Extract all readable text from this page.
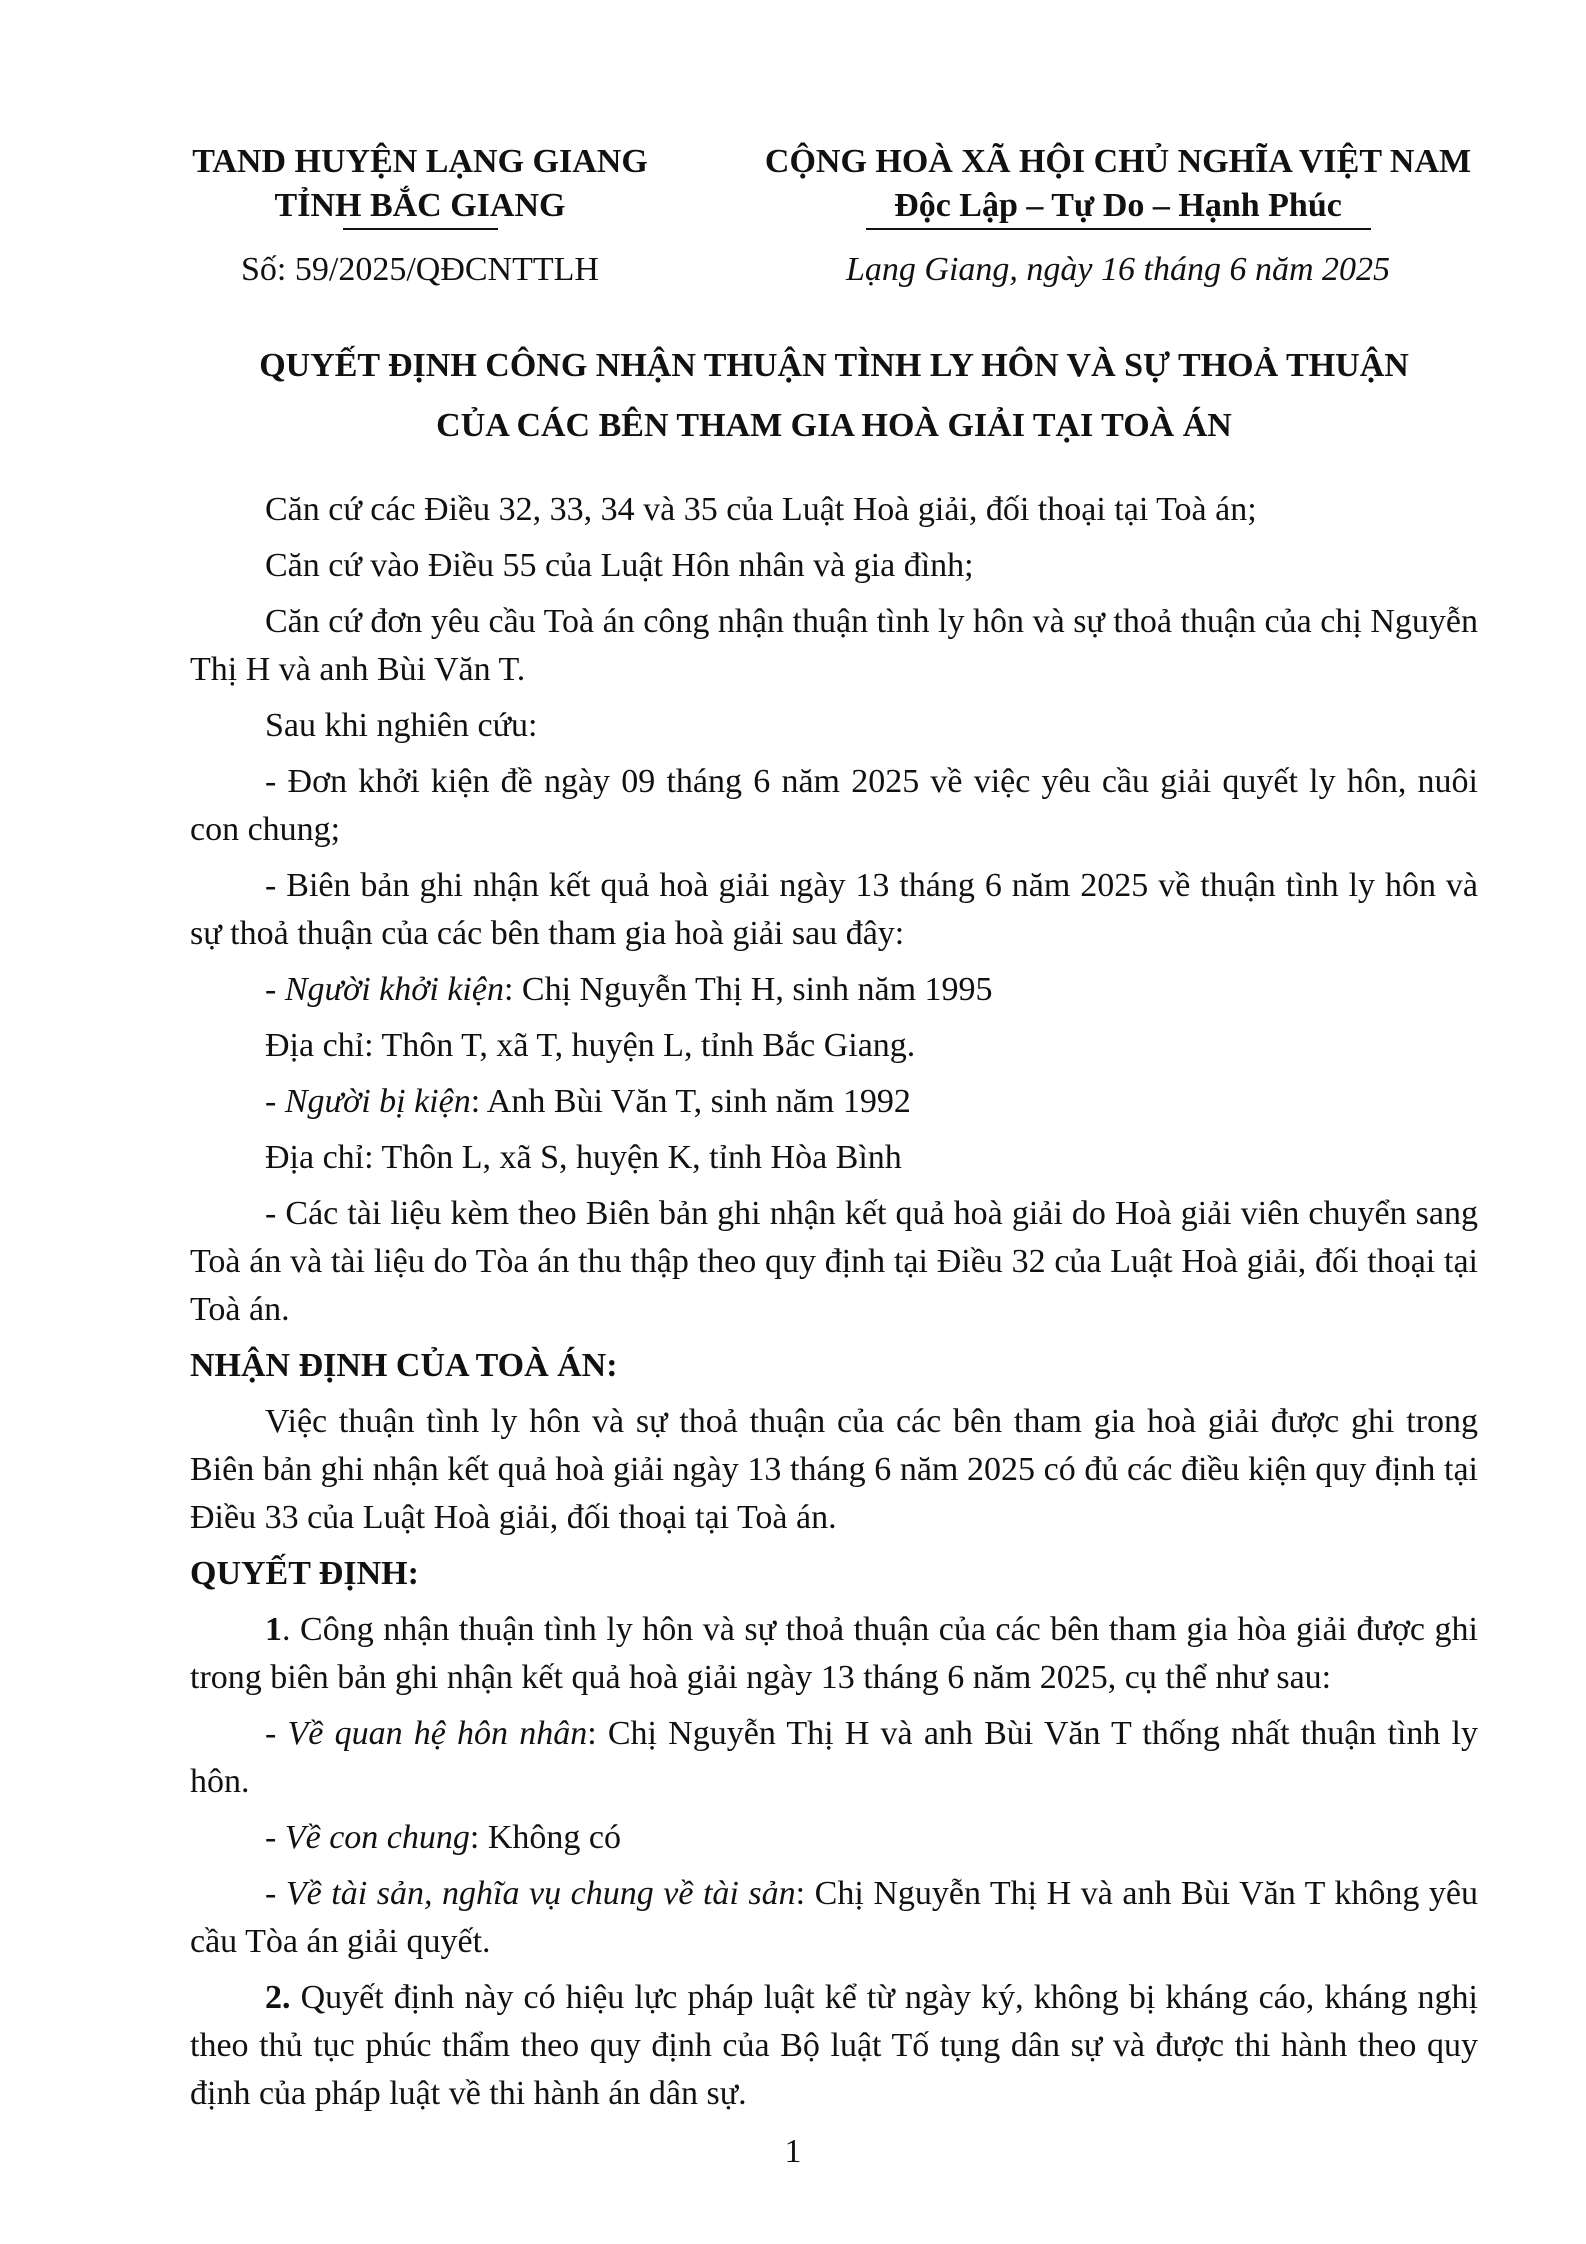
TAND HUYỆN LẠNG GIANG
TỈNH BẮC GIANG
CỘNG HOÀ XÃ HỘI CHỦ NGHĨA VIỆT NAM
Độc Lập – Tự Do – Hạnh Phúc
Số: 59/2025/QĐCNTTLH	Lạng Giang, ngày 16 tháng 6 năm 2025

QUYẾT ĐỊNH CÔNG NHẬN THUẬN TÌNH LY HÔN VÀ SỰ THOẢ THUẬN

CỦA CÁC BÊN THAM GIA HOÀ GIẢI TẠI TOÀ ÁN

Căn cứ các Điều 32, 33, 34 và 35 của Luật Hoà giải, đối thoại tại Toà án;

Căn cứ vào Điều 55 của Luật Hôn nhân và gia đình;

Căn cứ đơn yêu cầu Toà án công nhận thuận tình ly hôn và sự thoả thuận của chị Nguyễn Thị H và anh Bùi Văn T.

Sau khi nghiên cứu:

- Đơn khởi kiện đề ngày 09 tháng 6 năm 2025 về việc yêu cầu giải quyết ly hôn, nuôi con chung;

- Biên bản ghi nhận kết quả hoà giải ngày 13 tháng 6 năm 2025 về thuận tình ly hôn và sự thoả thuận của các bên tham gia hoà giải sau đây:

- Người khởi kiện: Chị Nguyễn Thị H, sinh năm 1995

Địa chỉ: Thôn T, xã T, huyện L, tỉnh Bắc Giang.

- Người bị kiện: Anh Bùi Văn T, sinh năm 1992

Địa chỉ: Thôn L, xã S, huyện K, tỉnh Hòa Bình

- Các tài liệu kèm theo Biên bản ghi nhận kết quả hoà giải do Hoà giải viên chuyển sang Toà án và tài liệu do Tòa án thu thập theo quy định tại Điều 32 của Luật Hoà giải, đối thoại tại Toà án.

NHẬN ĐỊNH CỦA TOÀ ÁN:

Việc thuận tình ly hôn và sự thoả thuận của các bên tham gia hoà giải được ghi trong Biên bản ghi nhận kết quả hoà giải ngày 13 tháng 6 năm 2025 có đủ các điều kiện quy định tại Điều 33 của Luật Hoà giải, đối thoại tại Toà án.

QUYẾT ĐỊNH:

1. Công nhận thuận tình ly hôn và sự thoả thuận của các bên tham gia hòa giải được ghi trong biên bản ghi nhận kết quả hoà giải ngày 13 tháng 6 năm 2025, cụ thể như sau:

- Về quan hệ hôn nhân: Chị Nguyễn Thị H và anh Bùi Văn T thống nhất thuận tình ly hôn.

- Về con chung: Không có

- Về tài sản, nghĩa vụ chung về tài sản: Chị Nguyễn Thị H và anh Bùi Văn T không yêu cầu Tòa án giải quyết.

2. Quyết định này có hiệu lực pháp luật kể từ ngày ký, không bị kháng cáo, kháng nghị theo thủ tục phúc thẩm theo quy định của Bộ luật Tố tụng dân sự và được thi hành theo quy định của pháp luật về thi hành án dân sự.

1
